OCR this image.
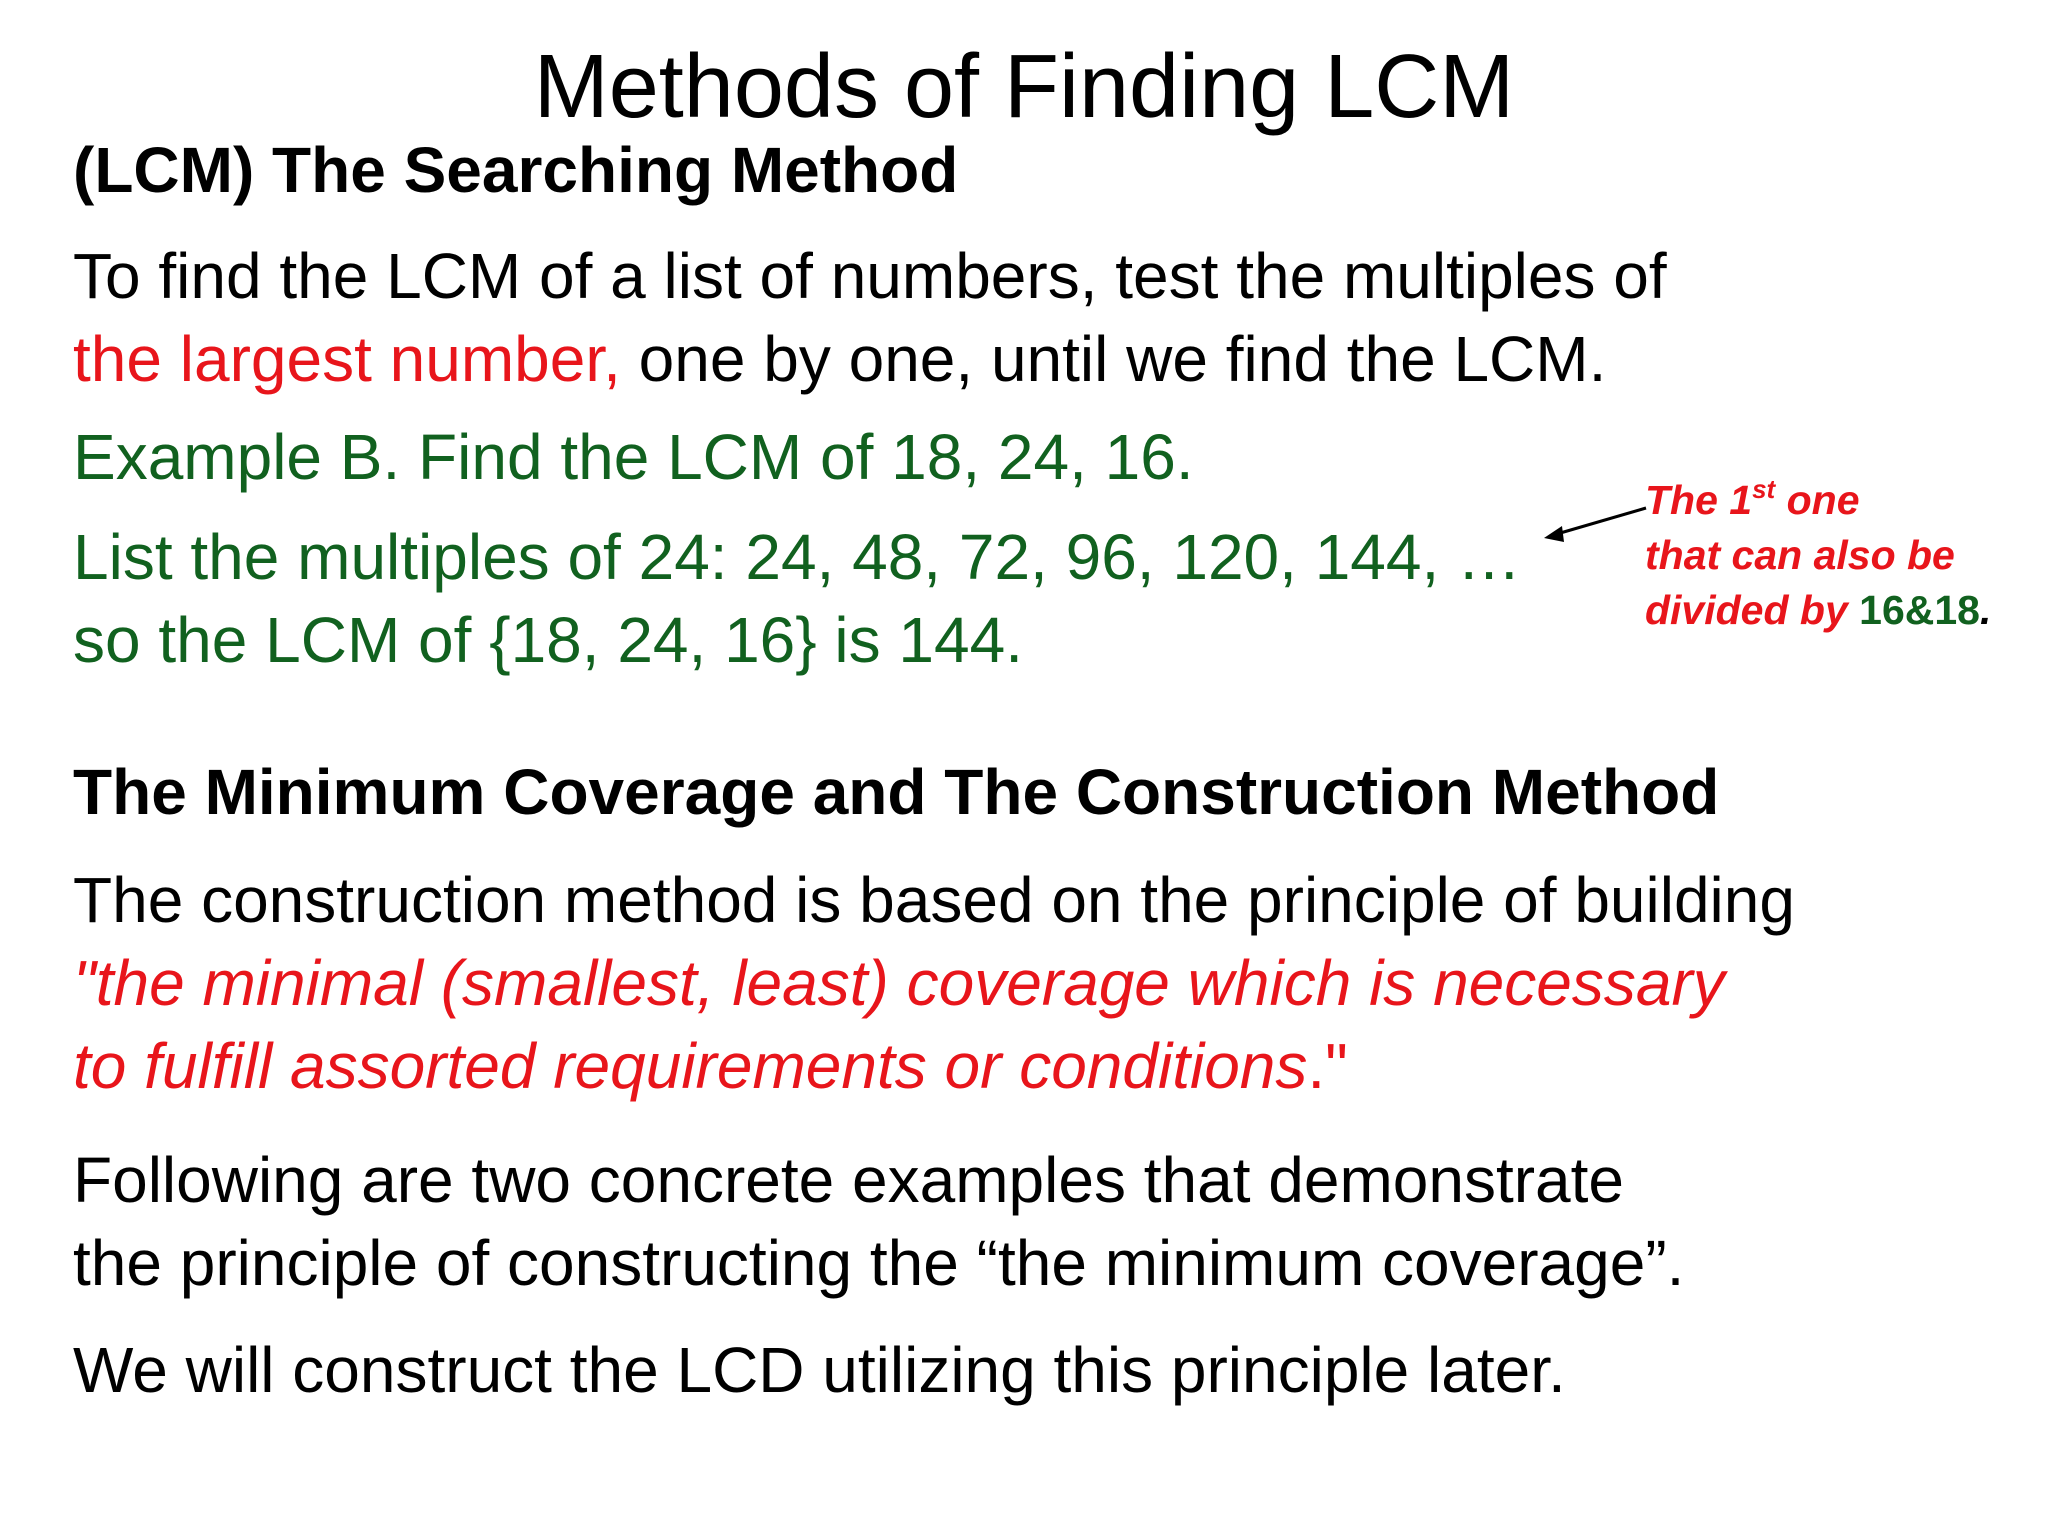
Methods of Finding LCM
(LCM) The Searching Method
To find the LCM of a list of numbers, test the multiples of
the largest number, one by one, until we find the LCM.
Example B. Find the LCM of 18, 24, 16.
List the multiples of 24: 24, 48, 72, 96, 120, 144, …
so the LCM of {18, 24, 16} is 144.
The 1st one
that can also be
divided by 16&18.
The Minimum Coverage and The Construction Method
The construction method is based on the principle of building
"the minimal (smallest, least) coverage which is necessary
to fulfill assorted requirements or conditions."
Following are two concrete examples that demonstrate
the principle of constructing the “the minimum coverage”.
We will construct the LCD utilizing this principle later.
